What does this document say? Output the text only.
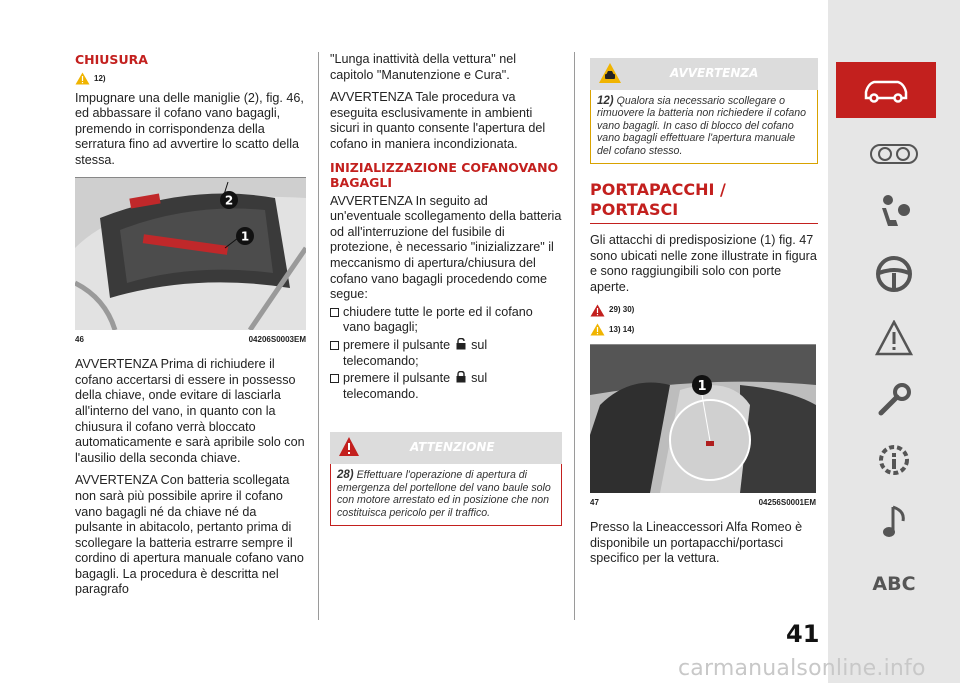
CHIUSURA
12)

Impugnare una delle maniglie (2), fig. 46, ed abbassare il cofano vano bagagli, premendo in corrispondenza della serratura fino ad avvertire lo scatto della stessa.

2
1
46	04206S0003EM

AVVERTENZA Prima di richiudere il cofano accertarsi di essere in possesso della chiave, onde evitare di lasciarla all'interno del vano, in quanto con la chiusura il cofano verrà bloccato automaticamente e sarà apribile solo con l'ausilio della seconda chiave.

AVVERTENZA Con batteria scollegata non sarà più possibile aprire il cofano vano bagagli né da chiave né da pulsante in abitacolo, pertanto prima di scollegare la batteria estrarre sempre il cordino di apertura manuale cofano vano bagagli. La procedura è descritta nel paragrafo

"Lunga inattività della vettura" nel capitolo "Manutenzione e Cura".

AVVERTENZA Tale procedura va eseguita esclusivamente in ambienti sicuri in quanto consente l'apertura del cofano in maniera incondizionata.

INIZIALIZZAZIONE COFANOVANO BAGAGLI

AVVERTENZA In seguito ad un'eventuale scollegamento della batteria od all'interruzione del fusibile di protezione, è necessario "inizializzare" il meccanismo di apertura/chiusura del cofano vano bagagli procedendo come segue:

chiudere tutte le porte ed il cofano vano bagagli;
premere il pulsante sul
telecomando;
premere il pulsante sul
telecomando.
ATTENZIONE
28) Effettuare l'operazione di apertura di emergenza del portellone del vano baule solo con motore arrestato ed in posizione che non costituisca pericolo per il traffico.
AVVERTENZA
12) Qualora sia necessario scollegare o rimuovere la batteria non richiedere il cofano vano bagagli. In caso di blocco del cofano vano bagagli effettuare l'apertura manuale del cofano stesso.
PORTAPACCHI / PORTASCI

Gli attacchi di predisposizione (1) fig. 47 sono ubicati nelle zone illustrate in figura e sono raggiungibili solo con porte aperte.

29) 30)
13) 14)
1
47	04256S0001EM

Presso la Lineaccessori Alfa Romeo è disponibile un portapacchi/portasci specifico per la vettura.

ABC
41
carmanualsonline.info
